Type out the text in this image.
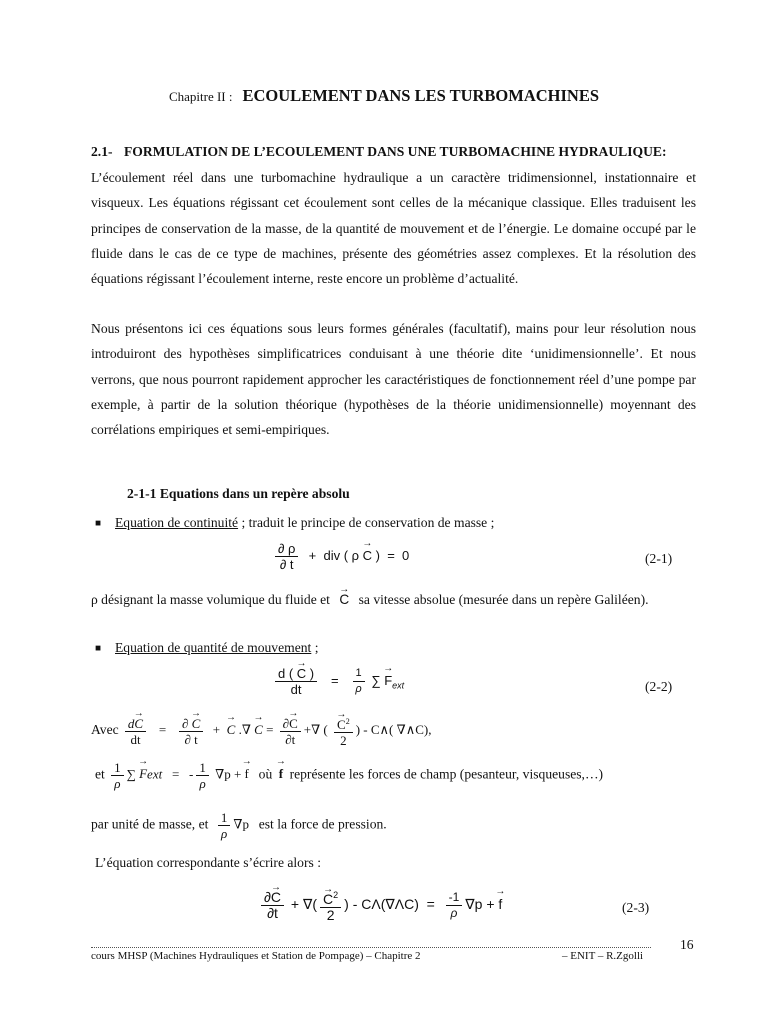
Chapitre II : ECOULEMENT DANS LES TURBOMACHINES
2.1- FORMULATION DE L’ECOULEMENT DANS UNE TURBOMACHINE HYDRAULIQUE:
L’écoulement réel dans une turbomachine hydraulique a un caractère tridimensionnel, instationnaire et visqueux. Les équations régissant cet écoulement sont celles de la mécanique classique. Elles traduisent les principes de conservation de la masse, de la quantité de mouvement et de l’énergie. Le domaine occupé par le fluide dans le cas de ce type de machines, présente des géométries assez complexes. Et la résolution des équations régissant l’écoulement interne, reste encore un problème d’actualité.
Nous présentons ici ces équations sous leurs formes générales (facultatif), mains pour leur résolution nous introduiront des hypothèses simplificatrices conduisant à une théorie dite ‘unidimensionnelle’. Et nous verrons, que nous pourront rapidement approcher les caractéristiques de fonctionnement réel d’une pompe par exemple, à partir de la solution théorique (hypothèses de la théorie unidimensionnelle) moyennant des corrélations empiriques et semi-empiriques.
2-1-1 Equations dans un repère absolu
■ Equation de continuité ; traduit le principe de conservation de masse ;
$\frac{\partial \rho}{\partial t}$ +  div ( ρ → C )  =  0	(2-1)
ρ désignant la masse volumique du fluide et → C sa vitesse absolue (mesurée dans un repère Galiléen).
■ Equation de quantité de mouvement ;
$\frac{d ( \to C )}{dt} = \frac{1}{\rho}$ ∑ → $F_{ext}$	(2-2)
Avec $\frac{d\to C}{dt} = \frac{\partial \to C}{\partial t}$ +  → C .∇ → $C = \frac{\partial\to C}{\partial t}$ +∇ ( → $\frac{C^2}{2}$ ) - C∧( ∇∧C),
et $\frac{1}{\rho}$ ∑ → Fext   =   - $\frac{1}{\rho} \nabla p$ + → f où → f représente les forces de champ (pesanteur, visqueuses,…)
par unité de masse, et $\frac{1}{\rho} \nabla p$   est la force de pression.
L’équation correspondante s’écrire alors :
$\frac{\partial\to C}{\partial t}$ + ∇( → $\frac{C^2}{2}$ ) - $C\Lambda(\nabla\Lambda C) = \frac{-1}{\rho} \nabla p$ + → f	(2-3)
16
cours MHSP (Machines Hydrauliques et Station de Pompage) – Chapitre 2	– ENIT – R.Zgolli
